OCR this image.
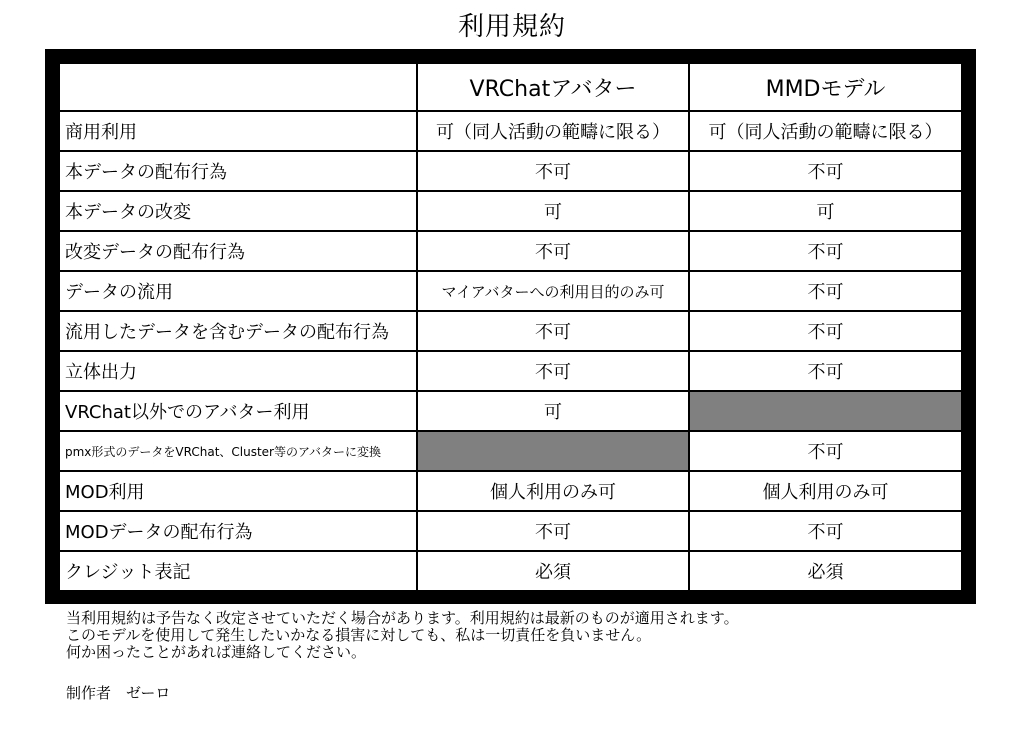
利用規約
	VRChatアバター	MMDモデル
商用利用	可（同人活動の範疇に限る）	可（同人活動の範疇に限る）
本データの配布行為	不可	不可
本データの改変	可	可
改変データの配布行為	不可	不可
データの流用	マイアバターへの利用目的のみ可	不可
流用したデータを含むデータの配布行為	不可	不可
立体出力	不可	不可
VRChat以外でのアバター利用	可	
pmx形式のデータをVRChat、Cluster等のアバターに変換		不可
MOD利用	個人利用のみ可	個人利用のみ可
MODデータの配布行為	不可	不可
クレジット表記	必須	必須
当利用規約は予告なく改定させていただく場合があります。利用規約は最新のものが適用されます。
このモデルを使用して発生したいかなる損害に対しても、私は一切責任を負いません。
何か困ったことがあれば連絡してください。
制作者　ゼーロ
